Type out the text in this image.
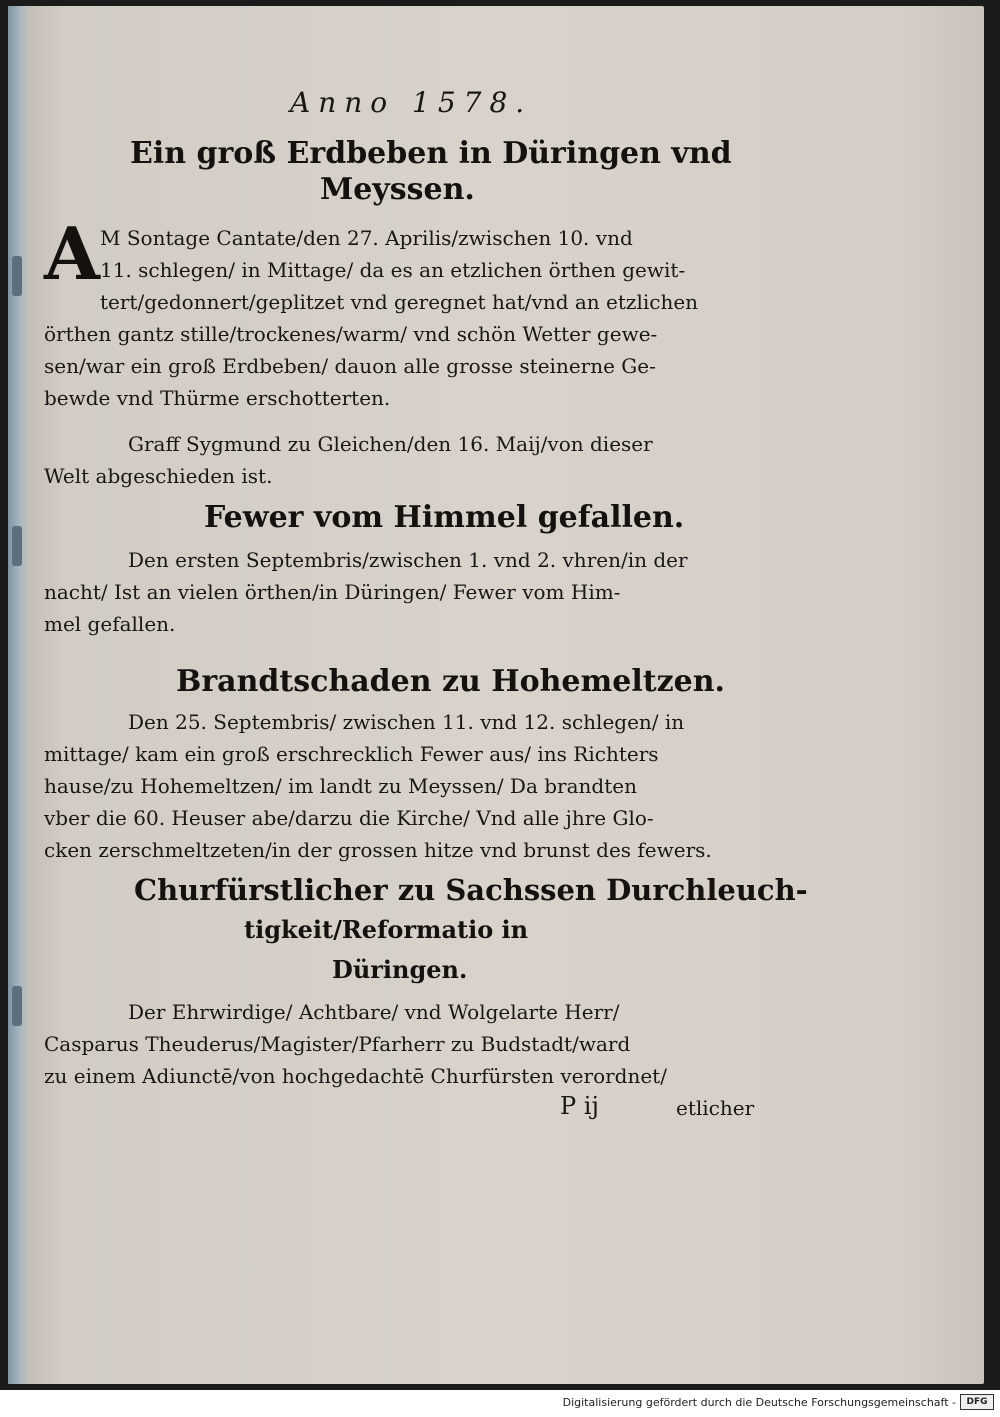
Anno 1578.
Ein groß Erdbeben in Düringen vnd
Meyssen.
A M Sontage Cantate/den 27. Aprilis/zwischen 10. vnd
11. schlegen/ in Mittage/ da es an etzlichen örthen gewit-
tert/gedonnert/geplitzet vnd geregnet hat/vnd an etzlichen
örthen gantz stille/trockenes/warm/ vnd schön Wetter gewe-
sen/war ein groß Erdbeben/ dauon alle grosse steinerne Ge-
bewde vnd Thürme erschotterten.
Graff Sygmund zu Gleichen/den 16. Maij/von dieser
Welt abgeschieden ist.
Fewer vom Himmel gefallen.
Den ersten Septembris/zwischen 1. vnd 2. vhren/in der
nacht/ Ist an vielen örthen/in Düringen/ Fewer vom Him-
mel gefallen.
Brandtschaden zu Hohemeltzen.
Den 25. Septembris/ zwischen 11. vnd 12. schlegen/ in
mittage/ kam ein groß erschrecklich Fewer aus/ ins Richters
hause/zu Hohemeltzen/ im landt zu Meyssen/ Da brandten
vber die 60. Heuser abe/darzu die Kirche/ Vnd alle jhre Glo-
cken zerschmeltzeten/in der grossen hitze vnd brunst des fewers.
Churfürstlicher zu Sachssen Durchleuch-
tigkeit/Reformatio in
Düringen.
Der Ehrwirdige/ Achtbare/ vnd Wolgelarte Herr/
Casparus Theuderus/Magister/Pfarherr zu Budstadt/ward
zu einem Adiunctē/von hochgedachtē Churfürsten verordnet/
P ij	etlicher
Digitalisierung gefördert durch die Deutsche Forschungsgemeinschaft -	DFG
